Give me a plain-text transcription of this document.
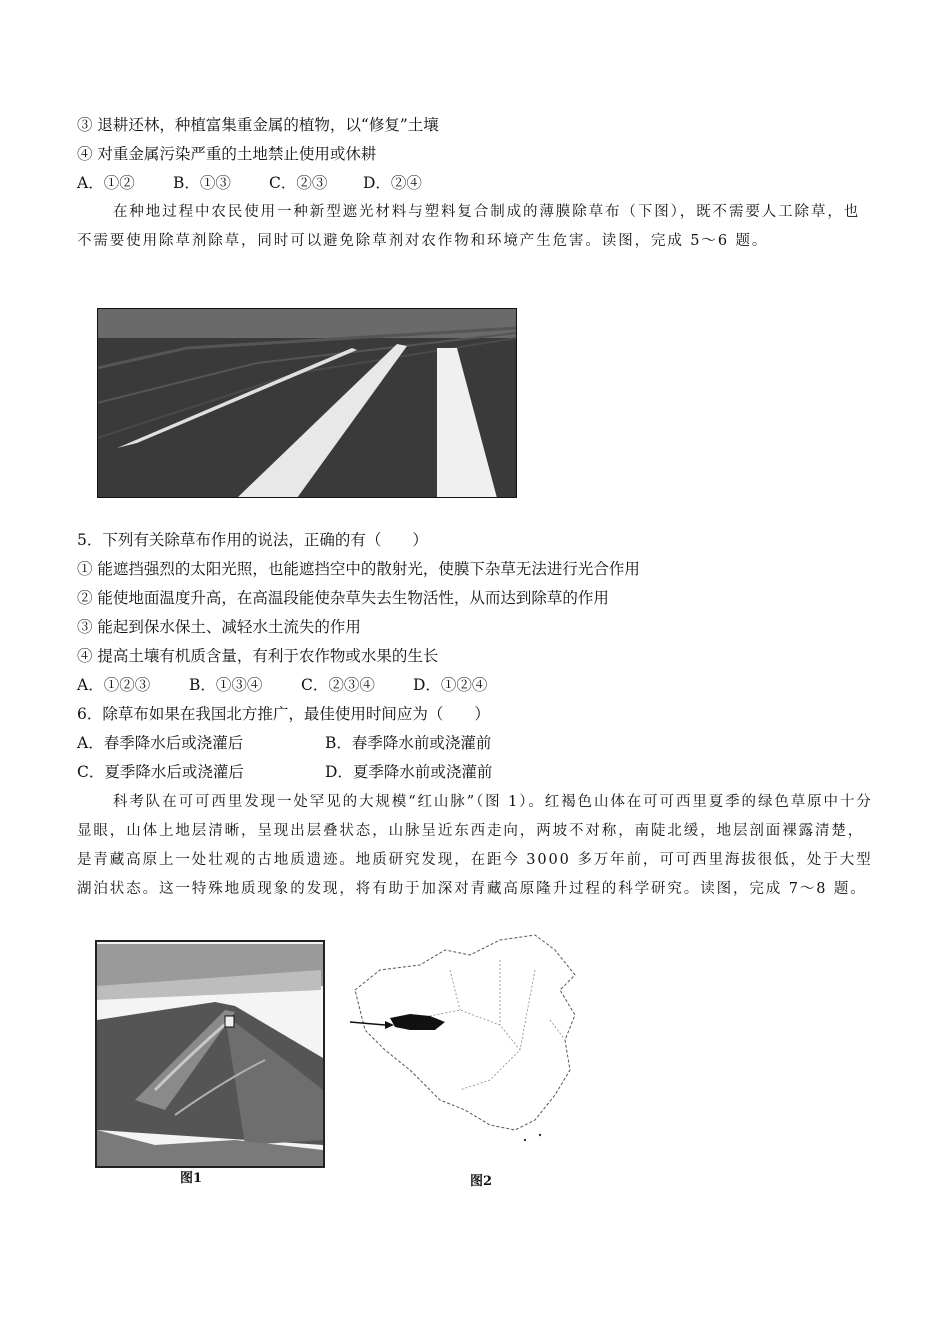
③ 退耕还林，种植富集重金属的植物，以“修复”土壤
④ 对重金属污染严重的土地禁止使用或休耕
A．①② B．①③ C．②③ D．②④
在种地过程中农民使用一种新型遮光材料与塑料复合制成的薄膜除草布（下图），既不需要人工除草，也不需要使用除草剂除草，同时可以避免除草剂对农作物和环境产生危害。读图，完成 5～6 题。
5．下列有关除草布作用的说法，正确的有（　　）
① 能遮挡强烈的太阳光照，也能遮挡空中的散射光，使膜下杂草无法进行光合作用
② 能使地面温度升高，在高温段能使杂草失去生物活性，从而达到除草的作用
③ 能起到保水保土、减轻水土流失的作用
④ 提高土壤有机质含量，有利于农作物或水果的生长
A．①②③	B．①③④ C．②③④ D．①②④
6．除草布如果在我国北方推广，最佳使用时间应为（　　）
A．春季降水后或浇灌后	B．春季降水前或浇灌前
C．夏季降水后或浇灌后	D．夏季降水前或浇灌前
科考队在可可西里发现一处罕见的大规模“红山脉”（图 1）。红褐色山体在可可西里夏季的绿色草原中十分显眼，山体上地层清晰，呈现出层叠状态，山脉呈近东西走向，两坡不对称，南陡北缓，地层剖面裸露清楚，是青藏高原上一处壮观的古地质遗迹。地质研究发现，在距今 3000 多万年前，可可西里海拔很低，处于大型湖泊状态。这一特殊地质现象的发现，将有助于加深对青藏高原隆升过程的科学研究。读图，完成 7～8 题。
图1	图2
